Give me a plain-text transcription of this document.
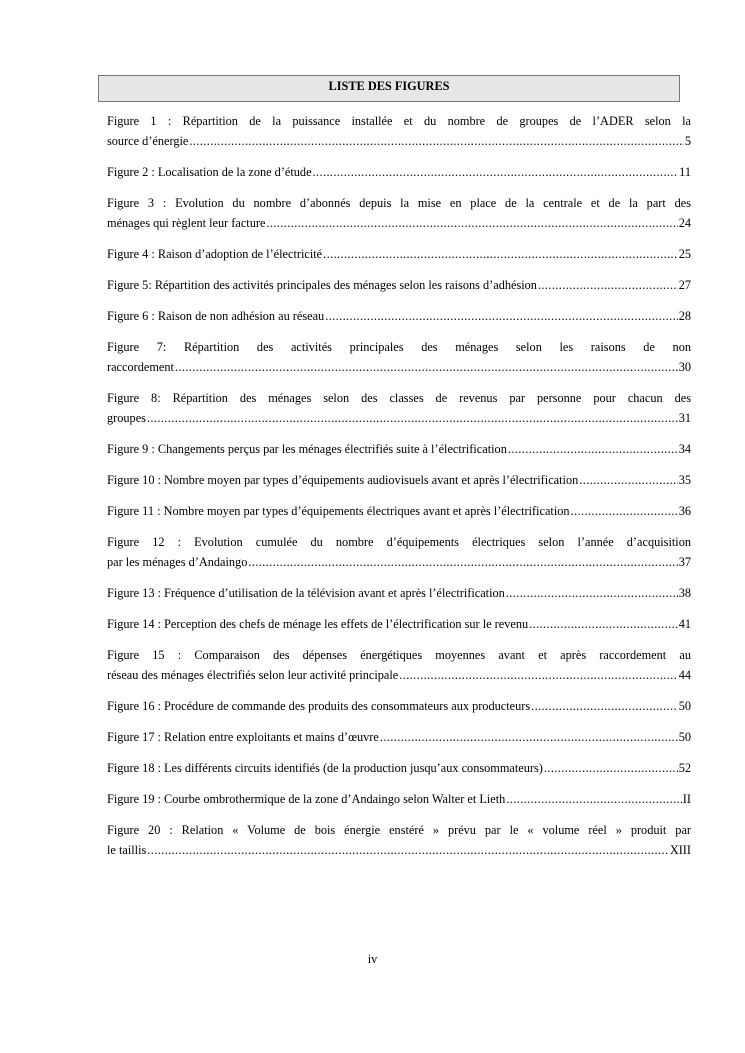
LISTE DES FIGURES
Figure 1 : Répartition de la puissance installée et du nombre de groupes de l’ADER selon la
source d’énergie .....	5
Figure 2 : Localisation de la zone d’étude .....	11
Figure 3 : Evolution du nombre d’abonnés depuis la mise en place de la centrale et de la part des
ménages qui règlent leur facture .....	24
Figure 4 : Raison d’adoption de l’électricité .....	25
Figure 5: Répartition des activités principales des ménages selon les raisons d’adhésion .....	27
Figure 6 : Raison de non adhésion au réseau .....	28
Figure 7: Répartition des activités principales des ménages selon les raisons de non
raccordement .....	30
Figure 8: Répartition des ménages selon des classes de revenus par personne pour chacun des
groupes .....	31
Figure 9 : Changements perçus par les ménages électrifiés suite à l’électrification .....	34
Figure 10 : Nombre moyen par types d’équipements audiovisuels avant et après l’électrification .....	35
Figure 11 : Nombre moyen par types d’équipements électriques avant et après l’électrification .....	36
Figure 12 : Evolution cumulée du nombre d’équipements électriques selon l’année d’acquisition
par les ménages d’Andaingo .....	37
Figure 13 : Fréquence d’utilisation de la télévision avant et après l’électrification .....	38
Figure 14 : Perception des chefs de ménage les effets de l’électrification sur le revenu .....	41
Figure 15 : Comparaison des dépenses énergétiques moyennes avant et après raccordement au
réseau des ménages électrifiés selon leur activité principale .....	44
Figure 16 : Procédure de commande des produits des consommateurs aux producteurs .....	50
Figure 17 : Relation entre exploitants et mains d’œuvre .....	50
Figure 18 : Les différents circuits identifiés (de la production jusqu’aux consommateurs) .....	52
Figure 19 : Courbe ombrothermique de la zone d’Andaingo selon Walter et Lieth .....	II
Figure 20 : Relation « Volume de bois énergie enstéré » prévu par le « volume réel » produit par
le taillis .....	XIII
iv
